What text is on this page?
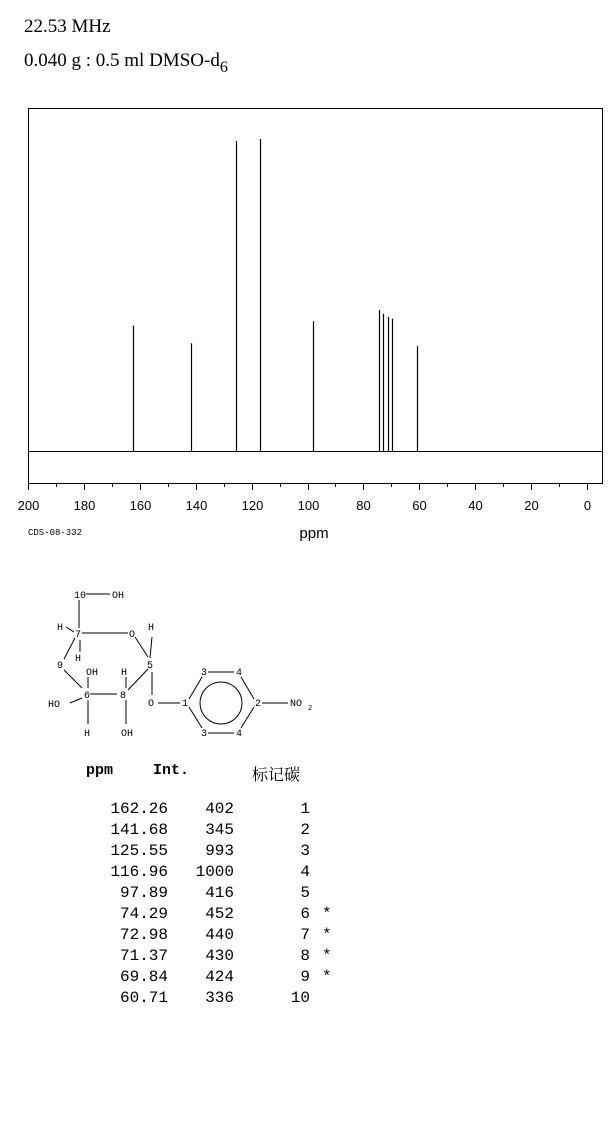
22.53 MHz
0.040 g : 0.5 ml DMSO-$d_6$
200	180	160	140	120	100	80	60	40	20	0
ppm
CDS-08-332
10	OH
H
7	O
H
9
H
5
OH H
HO
6	8
O	1
3	4
2	NO 2
3	4
H	OH

ppm

	Int.	标记碳
162.26	402	1
141.68	345	2
125.55	993	3
116.96	1000	4
97.89	416	5
74.29	452	6 *
72.98	440	7 *
71.37	430	8 *
69.84	424	9 *
60.71	336	10
